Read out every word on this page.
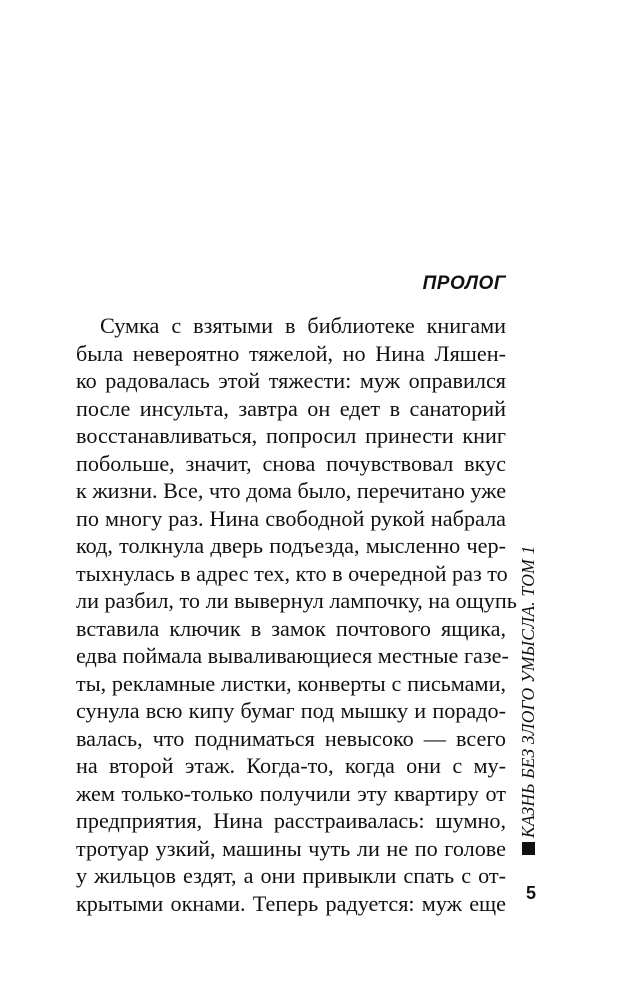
ПРОЛОГ
Сумка с взятыми в библиотеке книгами
была невероятно тяжелой, но Нина Ляшен-
ко радовалась этой тяжести: муж оправился
после инсульта, завтра он едет в санаторий
восстанавливаться, попросил принести книг
побольше, значит, снова почувствовал вкус
к жизни. Все, что дома было, перечитано уже
по многу раз. Нина свободной рукой набрала
код, толкнула дверь подъезда, мысленно чер-
тыхнулась в адрес тех, кто в очередной раз то
ли разбил, то ли вывернул лампочку, на ощупь
вставила ключик в замок почтового ящика,
едва поймала вываливающиеся местные газе-
ты, рекламные листки, конверты с письмами,
сунула всю кипу бумаг под мышку и порадо-
валась, что подниматься невысоко — всего
на второй этаж. Когда-то, когда они с му-
жем только-только получили эту квартиру от
предприятия, Нина расстраивалась: шумно,
тротуар узкий, машины чуть ли не по голове
у жильцов ездят, а они привыкли спать с от-
крытыми окнами. Теперь радуется: муж еще
КАЗНЬ БЕЗ ЗЛОГО УМЫСЛА. ТОМ 1
5
